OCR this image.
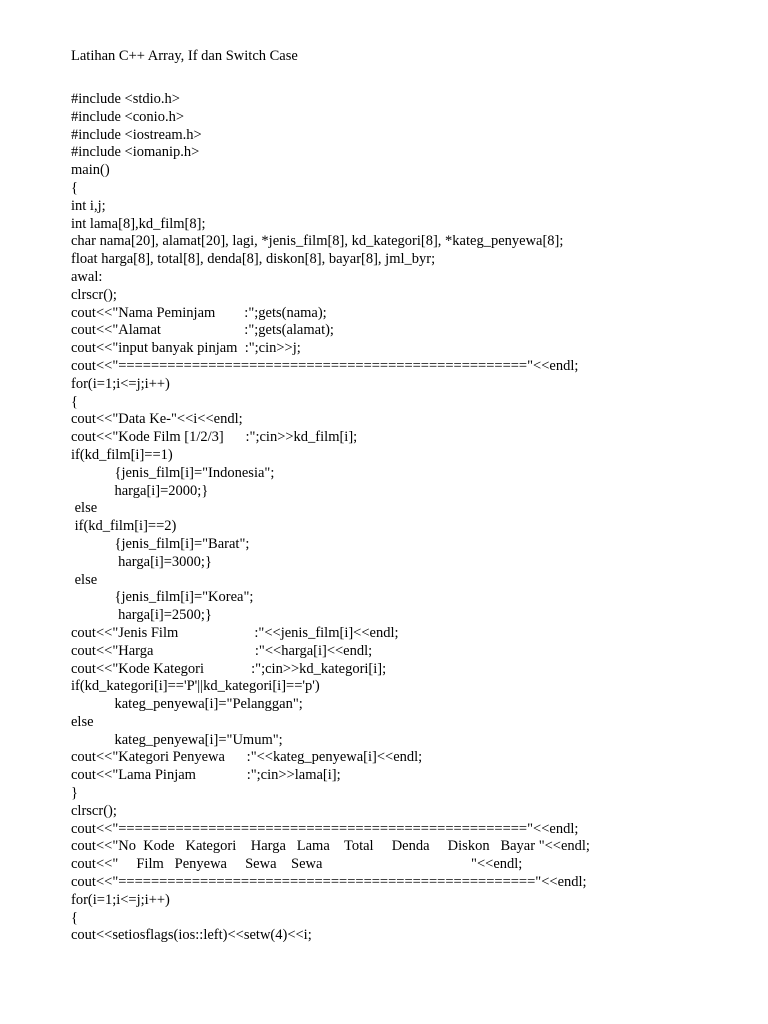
Latihan C++ Array, If dan Switch Case
#include <stdio.h>
#include <conio.h>
#include <iostream.h>
#include <iomanip.h>
main()
{
int i,j;
int lama[8],kd_film[8];
char nama[20], alamat[20], lagi, *jenis_film[8], kd_kategori[8], *kateg_penyewa[8];
float harga[8], total[8], denda[8], diskon[8], bayar[8], jml_byr;
awal:
clrscr();
cout<<"Nama Peminjam        :";gets(nama);
cout<<"Alamat                       :";gets(alamat);
cout<<"input banyak pinjam  :";cin>>j;
cout<<"=================================================="<<endl;
for(i=1;i<=j;i++)
{
cout<<"Data Ke-"<<i<<endl;
cout<<"Kode Film [1/2/3]      :";cin>>kd_film[i];
if(kd_film[i]==1)
{jenis_film[i]="Indonesia";
harga[i]=2000;}
else
if(kd_film[i]==2)
{jenis_film[i]="Barat";
harga[i]=3000;}
else
{jenis_film[i]="Korea";
harga[i]=2500;}
cout<<"Jenis Film                     :"<<jenis_film[i]<<endl;
cout<<"Harga                            :"<<harga[i]<<endl;
cout<<"Kode Kategori             :";cin>>kd_kategori[i];
if(kd_kategori[i]=='P'||kd_kategori[i]=='p')
kateg_penyewa[i]="Pelanggan";
else
kateg_penyewa[i]="Umum";
cout<<"Kategori Penyewa      :"<<kateg_penyewa[i]<<endl;
cout<<"Lama Pinjam              :";cin>>lama[i];
}
clrscr();
cout<<"=================================================="<<endl;
cout<<"No  Kode   Kategori    Harga   Lama    Total     Denda     Diskon   Bayar "<<endl;
cout<<"     Film   Penyewa     Sewa    Sewa                                         "<<endl;
cout<<"==================================================="<<endl;
for(i=1;i<=j;i++)
{
cout<<setiosflags(ios::left)<<setw(4)<<i;
